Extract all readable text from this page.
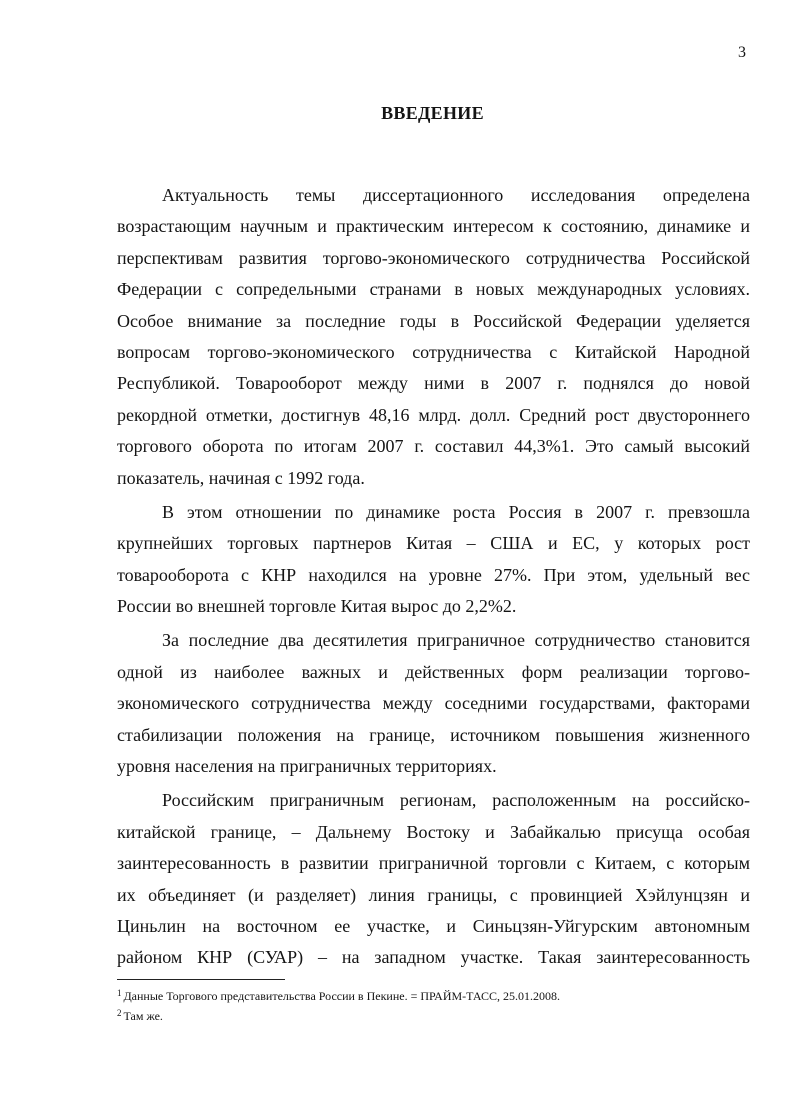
3
ВВЕДЕНИЕ
Актуальность темы диссертационного исследования определена
возрастающим научным и практическим интересом к состоянию, динамике и
перспективам развития торгово-экономического сотрудничества Российской
Федерации с сопредельными странами в новых международных условиях.
Особое внимание за последние годы в Российской Федерации уделяется
вопросам торгово-экономического сотрудничества с Китайской Народной
Республикой. Товарооборот между ними в 2007 г. поднялся до новой
рекордной отметки, достигнув 48,16 млрд. долл. Средний рост двустороннего
торгового оборота по итогам 2007 г. составил 44,3%1. Это самый высокий
показатель, начиная с 1992 года.
В этом отношении по динамике роста Россия в 2007 г. превзошла
крупнейших торговых партнеров Китая – США и ЕС, у которых рост
товарооборота с КНР находился на уровне 27%. При этом, удельный вес
России во внешней торговле Китая вырос до 2,2%2.
За последние два десятилетия приграничное сотрудничество становится
одной из наиболее важных и действенных форм реализации торгово-
экономического сотрудничества между соседними государствами, факторами
стабилизации положения на границе, источником повышения жизненного
уровня населения на приграничных территориях.
Российским приграничным регионам, расположенным на российско-
китайской границе, – Дальнему Востоку и Забайкалью присуща особая
заинтересованность в развитии приграничной торговли с Китаем, с которым
их объединяет (и разделяет) линия границы, с провинцией Хэйлунцзян и
Циньлин на восточном ее участке, и Синьцзян-Уйгурским автономным
районом КНР (СУАР) – на западном участке. Такая заинтересованность
$^1$ Данные Торгового представительства России в Пекине. = ПРАЙМ-ТАСС, 25.01.2008.
$^2$ Там же.
